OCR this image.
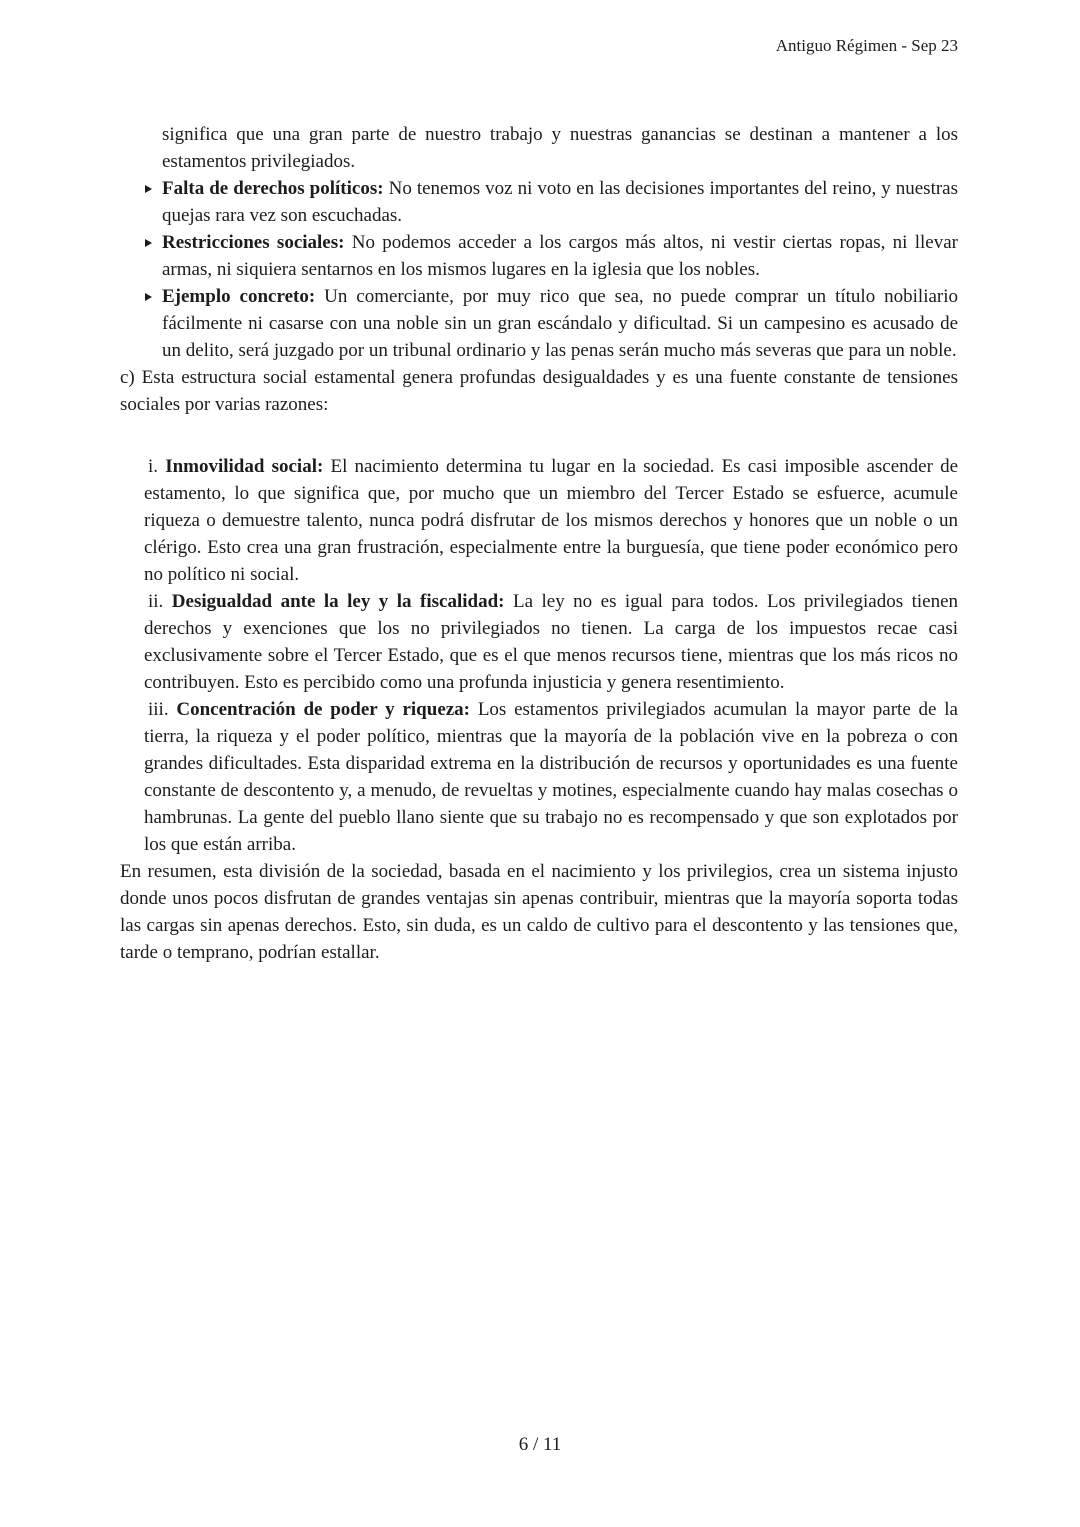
Antiguo Régimen - Sep 23

significa que una gran parte de nuestro trabajo y nuestras ganancias se destinan a mantener a los estamentos privilegiados.

Falta de derechos políticos: No tenemos voz ni voto en las decisiones importantes del reino, y nuestras quejas rara vez son escuchadas.
Restricciones sociales: No podemos acceder a los cargos más altos, ni vestir ciertas ropas, ni llevar armas, ni siquiera sentarnos en los mismos lugares en la iglesia que los nobles.
Ejemplo concreto: Un comerciante, por muy rico que sea, no puede comprar un título nobiliario fácilmente ni casarse con una noble sin un gran escándalo y dificultad. Si un campesino es acusado de un delito, será juzgado por un tribunal ordinario y las penas serán mucho más severas que para un noble.

c) Esta estructura social estamental genera profundas desigualdades y es una fuente constante de tensiones sociales por varias razones:

i. Inmovilidad social: El nacimiento determina tu lugar en la sociedad. Es casi imposible ascender de estamento, lo que significa que, por mucho que un miembro del Tercer Estado se esfuerce, acumule riqueza o demuestre talento, nunca podrá disfrutar de los mismos derechos y honores que un noble o un clérigo. Esto crea una gran frustración, especialmente entre la burguesía, que tiene poder económico pero no político ni social.
ii. Desigualdad ante la ley y la fiscalidad: La ley no es igual para todos. Los privilegiados tienen derechos y exenciones que los no privilegiados no tienen. La carga de los impuestos recae casi exclusivamente sobre el Tercer Estado, que es el que menos recursos tiene, mientras que los más ricos no contribuyen. Esto es percibido como una profunda injusticia y genera resentimiento.
iii. Concentración de poder y riqueza: Los estamentos privilegiados acumulan la mayor parte de la tierra, la riqueza y el poder político, mientras que la mayoría de la población vive en la pobreza o con grandes dificultades. Esta disparidad extrema en la distribución de recursos y oportunidades es una fuente constante de descontento y, a menudo, de revueltas y motines, especialmente cuando hay malas cosechas o hambrunas. La gente del pueblo llano siente que su trabajo no es recompensado y que son explotados por los que están arriba.

En resumen, esta división de la sociedad, basada en el nacimiento y los privilegios, crea un sistema injusto donde unos pocos disfrutan de grandes ventajas sin apenas contribuir, mientras que la mayoría soporta todas las cargas sin apenas derechos. Esto, sin duda, es un caldo de cultivo para el descontento y las tensiones que, tarde o temprano, podrían estallar.

6 / 11
